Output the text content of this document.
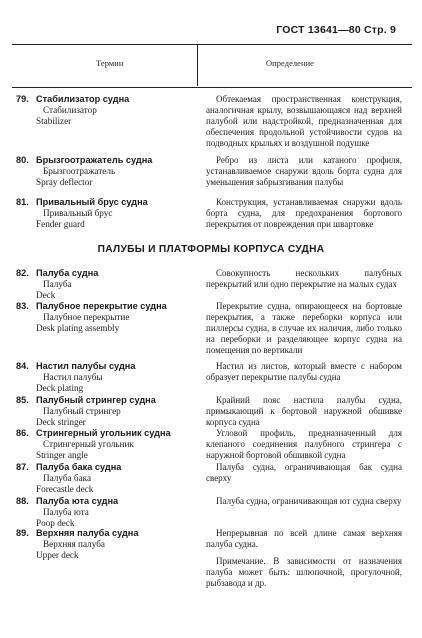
ГОСТ 13641—80 Стр. 9
Термин	Определение
79. Стабилизатор судна
Стабилизатор
Stabilizer

Обтекаемая пространственная конструкция, аналогичная крылу, возвышающаяся над верхней палубой или надстройкой, предназначенная для обеспечения продольной устойчивости судов на подводных крыльях и воздушной подушке

80. Брызгоотражатель судна
Брызгоотражатель
Spray deflector

Ребро из листа или катаного профиля, устанавливаемое снаружи вдоль борта судна для уменьшения забрызгивания палубы

81. Привальный брус судна
Привальный брус
Fender guard

Конструкция, устанавливаемая снаружи вдоль борта судна, для предохранения бортового перекрытия от повреждения при швартовке

ПАЛУБЫ И ПЛАТФОРМЫ КОРПУСА СУДНА
82. Палуба судна
Палуба
Deck

Совокупность нескольких палубных перекрытий или одно перекрытие на малых судах

83. Палубное перекрытие судна
Палубное перекрытие
Desk plating assembly

Перекрытие судна, опирающееся на бортовые перекрытия, а также переборки корпуса или пиллерсы судна, в случае их наличия, либо только на переборки и разделяющее корпус судна на помещения по вертикали

84. Настил палубы судна
Настил палубы
Deck plating

Настил из листов, который вместе с набором образует перекрытие палубы судна

85. Палубный стрингер судна
Палубный стрингер
Deck stringer

Крайний пояс настила палубы судна, примыкающий к бортовой наружной обшивке корпуса судна

86. Стрингерный угольник судна
Стрингерный угольник
Stringer angle

Угловой профиль, предназначенный для клепаного соединения палубного стрингера с наружной бортовой обшивкой судна

87. Палуба бака судна
Палуба бака
Forecastle deck

Палуба судна, ограничивающая бак судна сверху

88. Палуба юта судна
Палуба юта
Poop deck

Палуба судна, ограничивающая ют судна сверху

89. Верхняя палуба судна
Верхняя палуба
Upper deck

Непрерывная по всей длине самая верхняя палуба судна.

Примечание. В зависимости от назначения палуба может быть: шлюпочной, прогулочной, рыбзавода и др.
